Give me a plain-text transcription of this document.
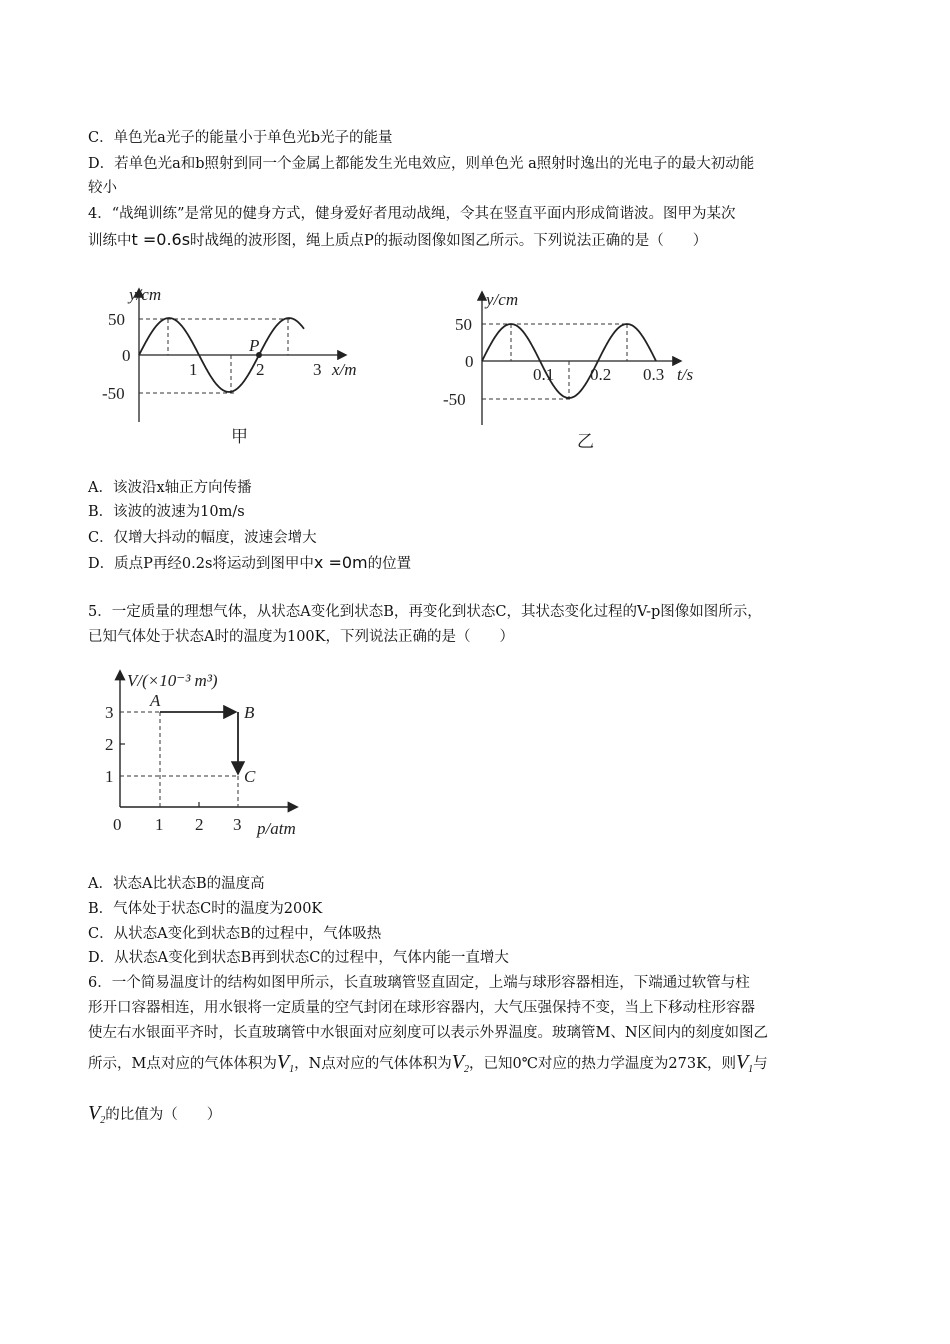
C．单色光a光子的能量小于单色光b光子的能量
D．若单色光a和b照射到同一个金属上都能发生光电效应，则单色光 a照射时逸出的光电子的最大初动能
较小
4．“战绳训练”是常见的健身方式，健身爱好者甩动战绳，令其在竖直平面内形成简谐波。图甲为某次
训练中t =0.6s时战绳的波形图，绳上质点P的振动图像如图乙所示。下列说法正确的是（　　）
y/cm
50
0
-50
1	2	3 x/m
P
甲
y/cm
50
0
-50
0.1 0.2 0.3 t/s
乙
A．该波沿x轴正方向传播
B．该波的波速为10m/s
C．仅增大抖动的幅度，波速会增大
D．质点P再经0.2s将运动到图甲中x =0m的位置
5．一定质量的理想气体，从状态A变化到状态B，再变化到状态C，其状态变化过程的V-p图像如图所示，
已知气体处于状态A时的温度为100K，下列说法正确的是（　　）
V/(×10⁻³ m³)
3
2
1
0 1 2 3 p/atm
A
B
C
A．状态A比状态B的温度高
B．气体处于状态C时的温度为200K
C．从状态A变化到状态B的过程中，气体吸热
D．从状态A变化到状态B再到状态C的过程中，气体内能一直增大
6．一个简易温度计的结构如图甲所示，长直玻璃管竖直固定，上端与球形容器相连，下端通过软管与柱
形开口容器相连，用水银将一定质量的空气封闭在球形容器内，大气压强保持不变，当上下移动柱形容器
使左右水银面平齐时，长直玻璃管中水银面对应刻度可以表示外界温度。玻璃管M、N区间内的刻度如图乙
所示，M点对应的气体体积为$V_1$，N点对应的气体体积为$V_2$，已知0℃对应的热力学温度为273K，则$V_1$与
$V_2$的比值为（　　）
